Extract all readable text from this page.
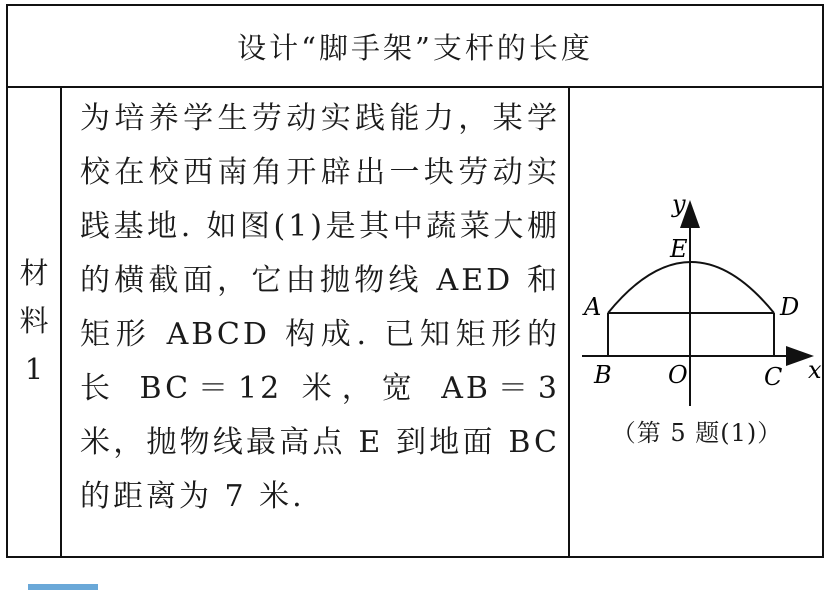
设计“脚手架”支杆的长度
材
料
1
为培养学生劳动实践能力，某学校在校西南角开辟出一块劳动实践基地. 如图(1)是其中蔬菜大棚的横截面，它由抛物线 AED 和矩形 ABCD 构成. 已知矩形的长 BC＝12 米，宽 AB＝3 米，抛物线最高点 E 到地面 BC 的距离为 7 米.
y
E
A	D
B O	C x
（第 5 题(1)）
